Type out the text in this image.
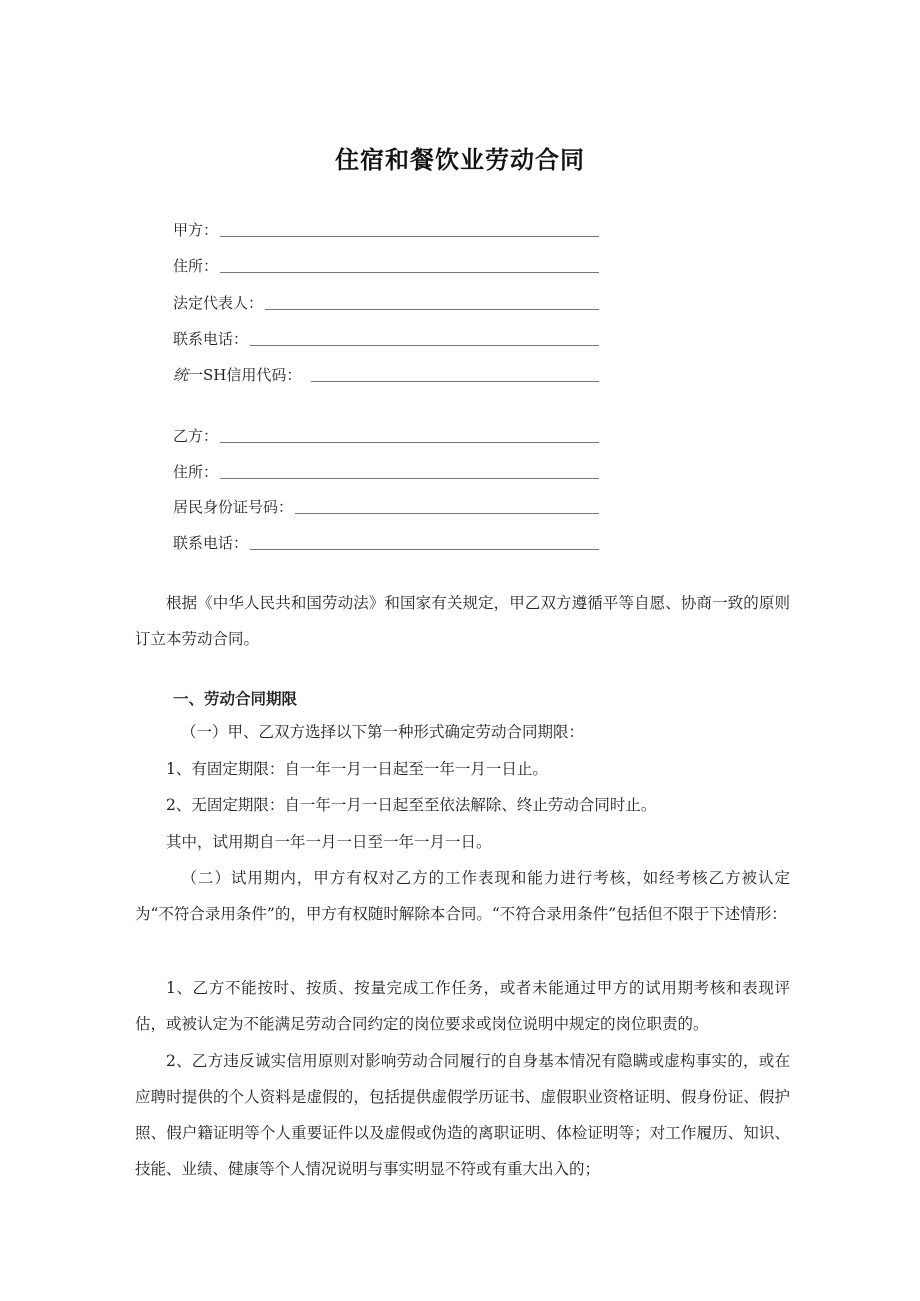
住宿和餐饮业劳动合同
甲方：
住所：
法定代表人：
联系电话：
统一SH信用代码：
乙方：
住所：
居民身份证号码：
联系电话：

根据《中华人民共和国劳动法》和国家有关规定，甲乙双方遵循平等自愿、协商一致的原则订立本劳动合同。

一、劳动合同期限

（一）甲、乙双方选择以下第一种形式确定劳动合同期限：

1、有固定期限：自一年一月一日起至一年一月一日止。

2、无固定期限：自一年一月一日起至至依法解除、终止劳动合同时止。

其中，试用期自一年一月一日至一年一月一日。

（二）试用期内，甲方有权对乙方的工作表现和能力进行考核，如经考核乙方被认定为“不符合录用条件”的，甲方有权随时解除本合同。“不符合录用条件”包括但不限于下述情形：

1、乙方不能按时、按质、按量完成工作任务，或者未能通过甲方的试用期考核和表现评估，或被认定为不能满足劳动合同约定的岗位要求或岗位说明中规定的岗位职责的。

2、乙方违反诚实信用原则对影响劳动合同履行的自身基本情况有隐瞒或虚构事实的，或在应聘时提供的个人资料是虚假的，包括提供虚假学历证书、虚假职业资格证明、假身份证、假护照、假户籍证明等个人重要证件以及虚假或伪造的离职证明、体检证明等；对工作履历、知识、技能、业绩、健康等个人情况说明与事实明显不符或有重大出入的；
